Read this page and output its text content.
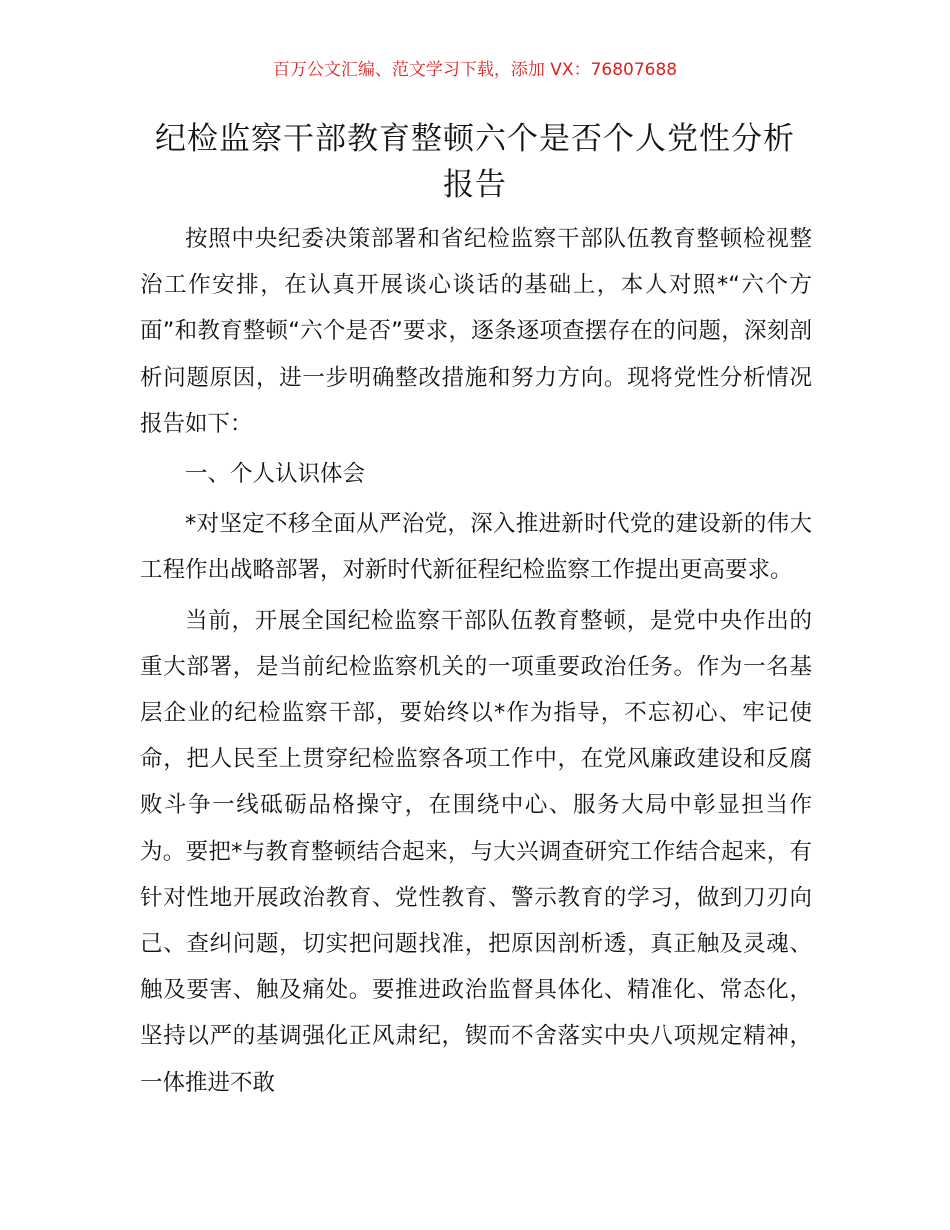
百万公文汇编、范文学习下载，添加 VX：76807688
纪检监察干部教育整顿六个是否个人党性分析报告

按照中央纪委决策部署和省纪检监察干部队伍教育整顿检视整治工作安排，在认真开展谈心谈话的基础上，本人对照*“六个方面”和教育整顿“六个是否”要求，逐条逐项查摆存在的问题，深刻剖析问题原因，进一步明确整改措施和努力方向。现将党性分析情况报告如下：

一、个人认识体会

*对坚定不移全面从严治党，深入推进新时代党的建设新的伟大工程作出战略部署，对新时代新征程纪检监察工作提出更高要求。

当前，开展全国纪检监察干部队伍教育整顿，是党中央作出的重大部署，是当前纪检监察机关的一项重要政治任务。作为一名基层企业的纪检监察干部，要始终以*作为指导，不忘初心、牢记使命，把人民至上贯穿纪检监察各项工作中，在党风廉政建设和反腐败斗争一线砥砺品格操守，在围绕中心、服务大局中彰显担当作为。要把*与教育整顿结合起来，与大兴调查研究工作结合起来，有针对性地开展政治教育、党性教育、警示教育的学习，做到刀刃向己、查纠问题，切实把问题找准，把原因剖析透，真正触及灵魂、触及要害、触及痛处。要推进政治监督具体化、精准化、常态化，坚持以严的基调强化正风肃纪，锲而不舍落实中央八项规定精神，一体推进不敢
